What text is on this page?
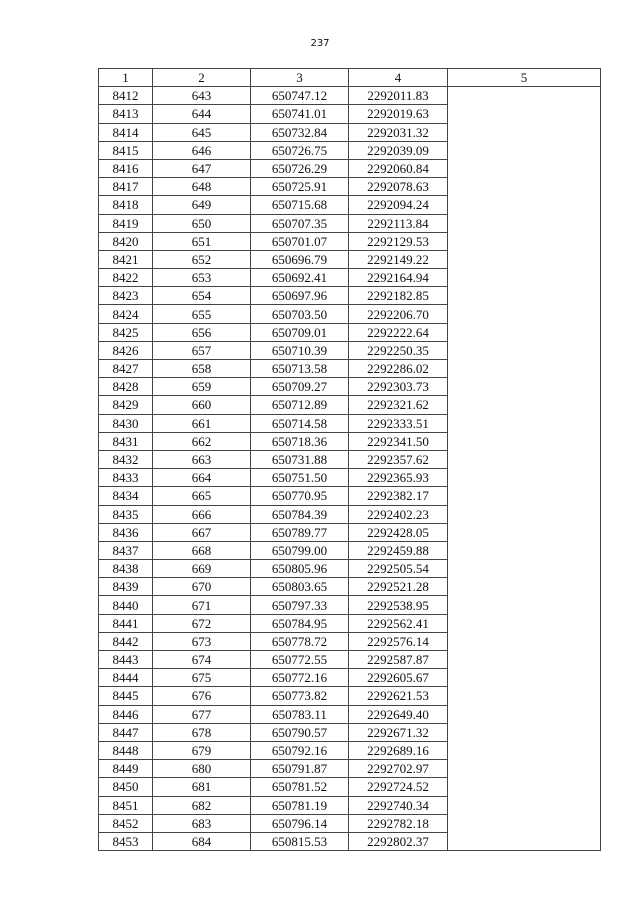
237
1	2	3	4	5
8412	643	650747.12	2292011.83	
8413	644	650741.01	2292019.63	
8414	645	650732.84	2292031.32	
8415	646	650726.75	2292039.09	
8416	647	650726.29	2292060.84	
8417	648	650725.91	2292078.63	
8418	649	650715.68	2292094.24	
8419	650	650707.35	2292113.84	
8420	651	650701.07	2292129.53	
8421	652	650696.79	2292149.22	
8422	653	650692.41	2292164.94	
8423	654	650697.96	2292182.85	
8424	655	650703.50	2292206.70	
8425	656	650709.01	2292222.64	
8426	657	650710.39	2292250.35	
8427	658	650713.58	2292286.02	
8428	659	650709.27	2292303.73	
8429	660	650712.89	2292321.62	
8430	661	650714.58	2292333.51	
8431	662	650718.36	2292341.50	
8432	663	650731.88	2292357.62	
8433	664	650751.50	2292365.93	
8434	665	650770.95	2292382.17	
8435	666	650784.39	2292402.23	
8436	667	650789.77	2292428.05	
8437	668	650799.00	2292459.88	
8438	669	650805.96	2292505.54	
8439	670	650803.65	2292521.28	
8440	671	650797.33	2292538.95	
8441	672	650784.95	2292562.41	
8442	673	650778.72	2292576.14	
8443	674	650772.55	2292587.87	
8444	675	650772.16	2292605.67	
8445	676	650773.82	2292621.53	
8446	677	650783.11	2292649.40	
8447	678	650790.57	2292671.32	
8448	679	650792.16	2292689.16	
8449	680	650791.87	2292702.97	
8450	681	650781.52	2292724.52	
8451	682	650781.19	2292740.34	
8452	683	650796.14	2292782.18	
8453	684	650815.53	2292802.37	
